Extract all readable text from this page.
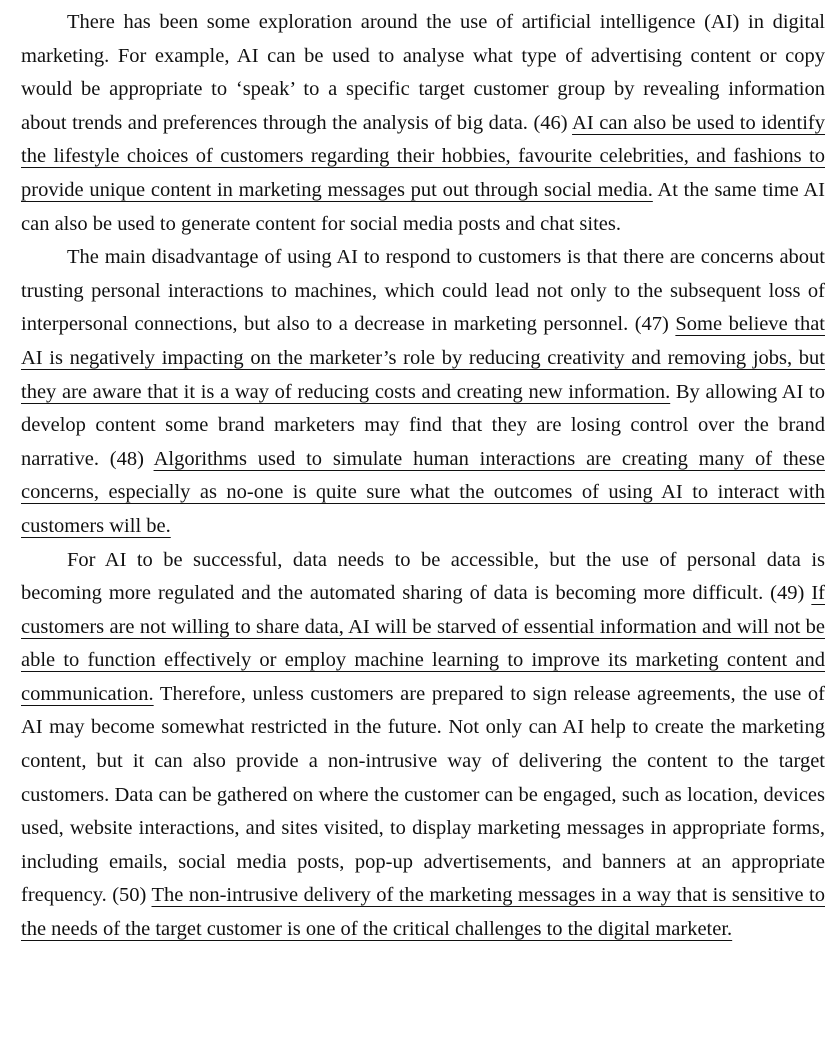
There has been some exploration around the use of artificial intelligence (AI) in digital marketing. For example, AI can be used to analyse what type of advertising content or copy would be appropriate to ‘speak’ to a specific target customer group by revealing information about trends and preferences through the analysis of big data. (46) AI can also be used to identify the lifestyle choices of customers regarding their hobbies, favourite celebrities, and fashions to provide unique content in marketing messages put out through social media. At the same time AI can also be used to generate content for social media posts and chat sites.

The main disadvantage of using AI to respond to customers is that there are concerns about trusting personal interactions to machines, which could lead not only to the subsequent loss of interpersonal connections, but also to a decrease in marketing personnel. (47) Some believe that AI is negatively impacting on the marketer’s role by reducing creativity and removing jobs, but they are aware that it is a way of reducing costs and creating new information. By allowing AI to develop content some brand marketers may find that they are losing control over the brand narrative. (48) Algorithms used to simulate human interactions are creating many of these concerns, especially as no-one is quite sure what the outcomes of using AI to interact with customers will be.

For AI to be successful, data needs to be accessible, but the use of personal data is becoming more regulated and the automated sharing of data is becoming more difficult. (49) If customers are not willing to share data, AI will be starved of essential information and will not be able to function effectively or employ machine learning to improve its marketing content and communication. Therefore, unless customers are prepared to sign release agreements, the use of AI may become somewhat restricted in the future. Not only can AI help to create the marketing content, but it can also provide a non-intrusive way of delivering the content to the target customers. Data can be gathered on where the customer can be engaged, such as location, devices used, website interactions, and sites visited, to display marketing messages in appropriate forms, including emails, social media posts, pop-up advertisements, and banners at an appropriate frequency. (50) The non-intrusive delivery of the marketing messages in a way that is sensitive to the needs of the target customer is one of the critical challenges to the digital marketer.
